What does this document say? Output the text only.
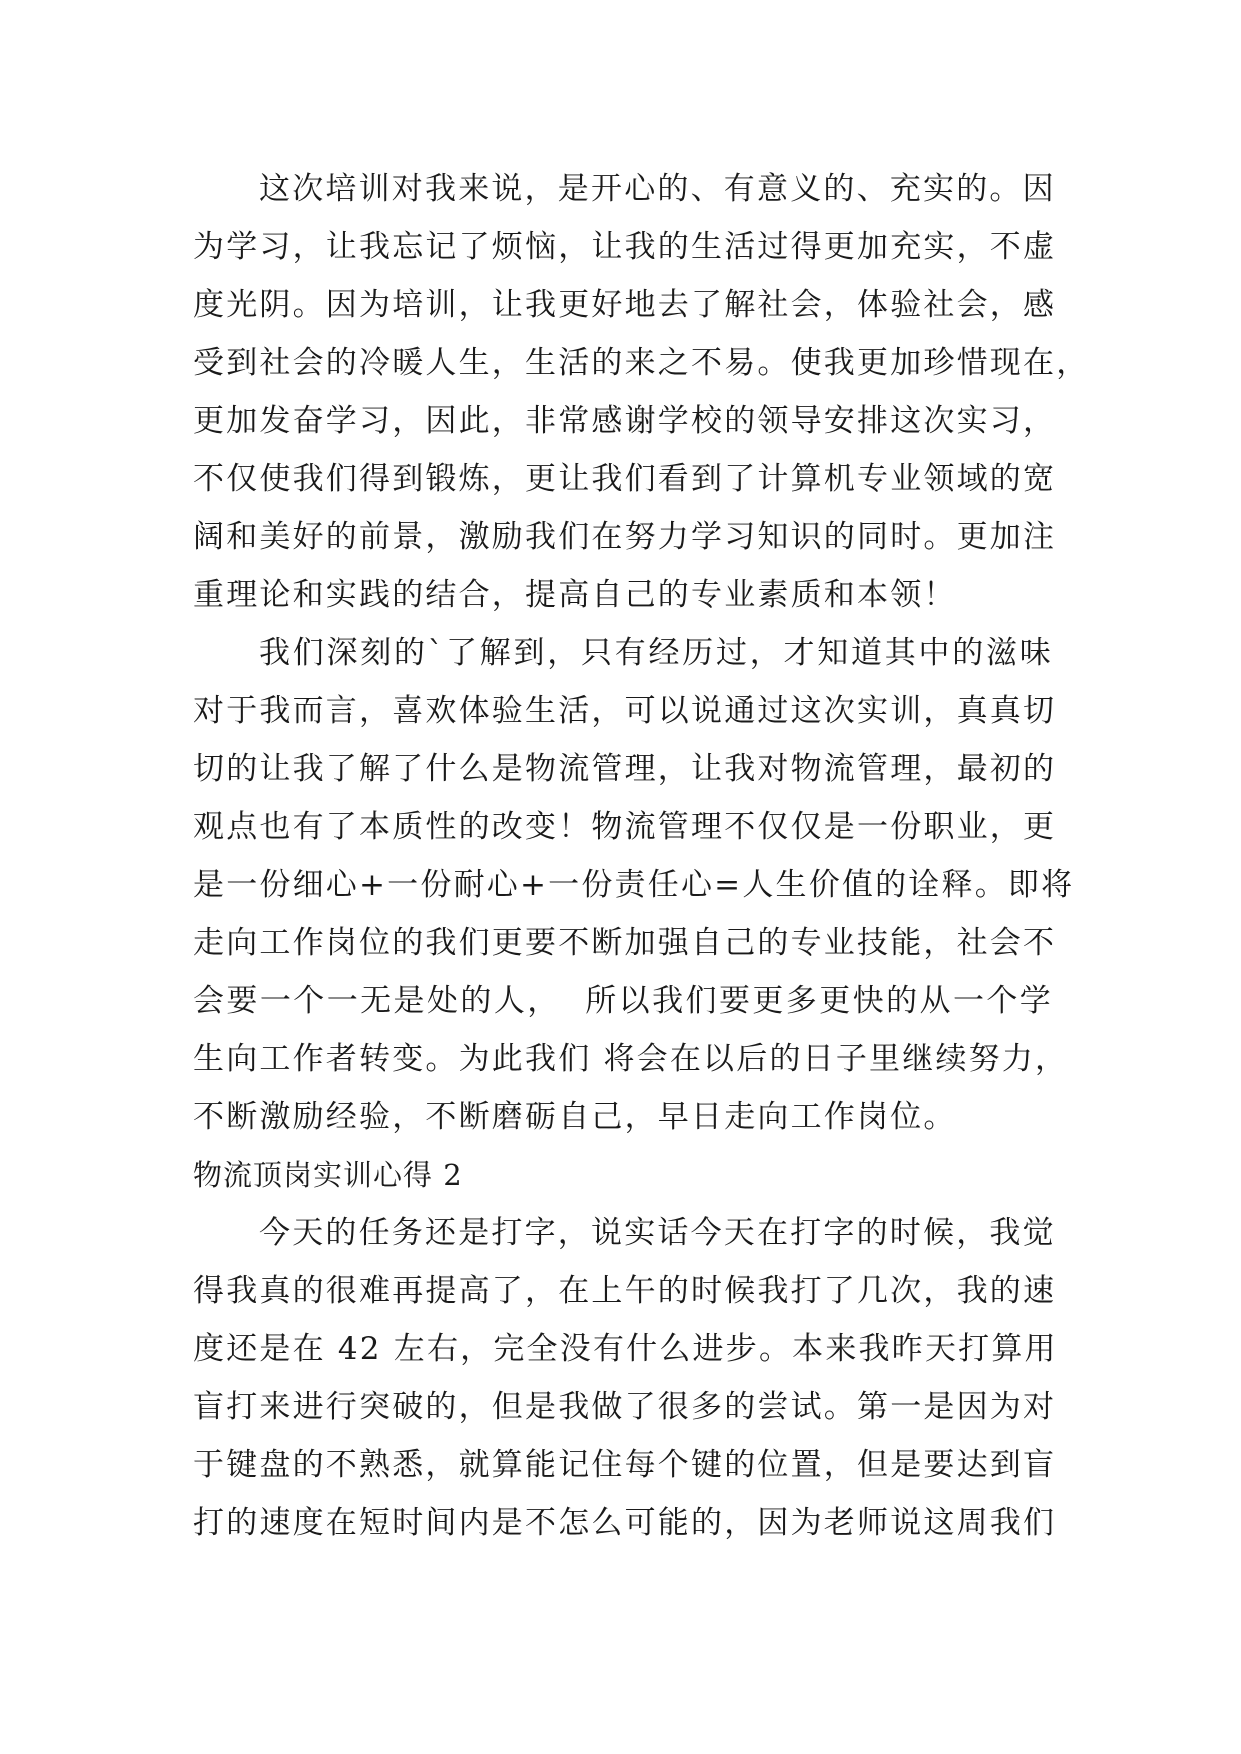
这次培训对我来说，是开心的、有意义的、充实的。因
为学习，让我忘记了烦恼，让我的生活过得更加充实，不虚
度光阴。因为培训，让我更好地去了解社会，体验社会，感
受到社会的冷暖人生，生活的来之不易。使我更加珍惜现在，
更加发奋学习，因此，非常感谢学校的领导安排这次实习，
不仅使我们得到锻炼，更让我们看到了计算机专业领域的宽
阔和美好的前景，激励我们在努力学习知识的同时。更加注
重理论和实践的结合，提高自己的专业素质和本领！
我们深刻的`了解到，只有经历过，才知道其中的滋味
对于我而言，喜欢体验生活，可以说通过这次实训，真真切
切的让我了解了什么是物流管理，让我对物流管理，最初的
观点也有了本质性的改变！物流管理不仅仅是一份职业，更
是一份细心+一份耐心+一份责任心=人生价值的诠释。即将
走向工作岗位的我们更要不断加强自己的专业技能，社会不
会要一个一无是处的人，  所以我们要更多更快的从一个学
生向工作者转变。为此我们 将会在以后的日子里继续努力，
不断激励经验，不断磨砺自己，早日走向工作岗位。
物流顶岗实训心得 2
今天的任务还是打字，说实话今天在打字的时候，我觉
得我真的很难再提高了，在上午的时候我打了几次，我的速
度还是在 42 左右，完全没有什么进步。本来我昨天打算用
盲打来进行突破的，但是我做了很多的尝试。第一是因为对
于键盘的不熟悉，就算能记住每个键的位置，但是要达到盲
打的速度在短时间内是不怎么可能的，因为老师说这周我们
